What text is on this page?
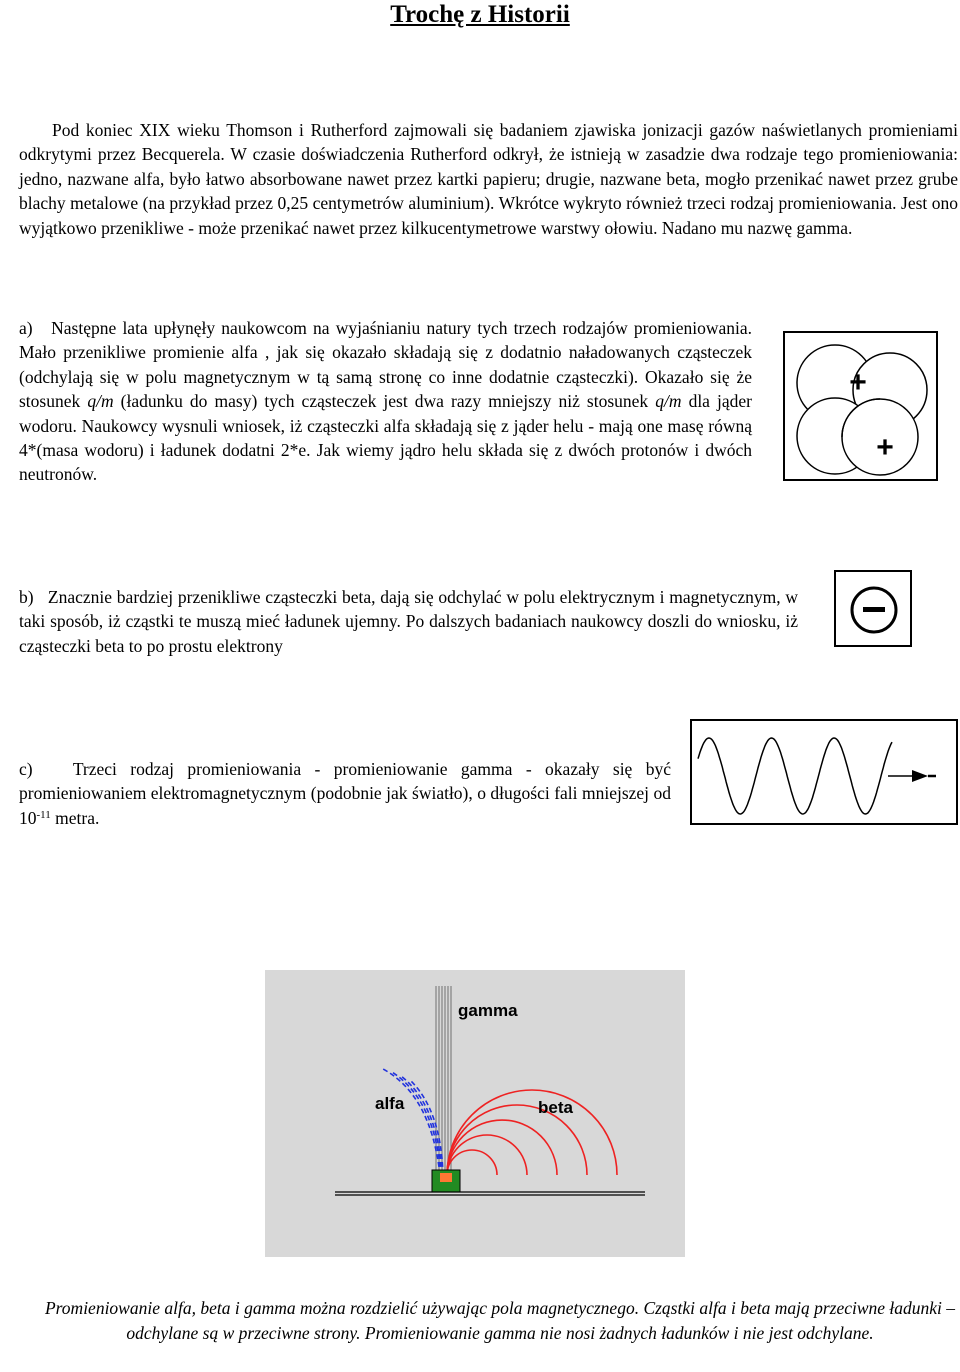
Trochę z Historii

Pod koniec XIX wieku Thomson i Rutherford zajmowali się badaniem zjawiska jonizacji gazów naświetlanych promieniami odkrytymi przez Becquerela. W czasie doświadczenia Rutherford odkrył, że istnieją w zasadzie dwa rodzaje tego promieniowania: jedno, nazwane alfa, było łatwo absorbowane nawet przez kartki papieru; drugie, nazwane beta, mogło przenikać nawet przez grube blachy metalowe (na przykład przez 0,25 centymetrów aluminium). Wkrótce wykryto również trzeci rodzaj promieniowania. Jest ono wyjątkowo przenikliwe - może przenikać nawet przez kilkucentymetrowe warstwy ołowiu. Nadano mu nazwę gamma.

a)   Następne lata upłynęły naukowcom na wyjaśnianiu natury tych trzech rodzajów promieniowania. Mało przenikliwe promienie alfa , jak się okazało składają się z dodatnio naładowanych cząsteczek (odchylają się w polu magnetycznym w tą samą stronę co inne dodatnie cząsteczki). Okazało się że stosunek q/m (ładunku do masy) tych cząsteczek jest dwa razy mniejszy niż stosunek q/m dla jąder wodoru. Naukowcy wysnuli wniosek, iż cząsteczki alfa składają się z jąder helu - mają one masę równą 4*(masa wodoru) i ładunek dodatni 2*e. Jak wiemy jądro helu składa się z dwóch protonów i dwóch neutronów.

+
+

b)   Znacznie bardziej przenikliwe cząsteczki beta, dają się odchylać w polu elektrycznym i magnetycznym, w taki sposób, iż cząstki te muszą mieć ładunek ujemny. Po dalszych badaniach naukowcy doszli do wniosku, iż cząsteczki beta to po prostu elektrony

c)   Trzeci rodzaj promieniowania - promieniowanie gamma - okazały się być promieniowaniem elektromagnetycznym (podobnie jak światło), o długości fali mniejszej od $10^{-11}$ metra.

gamma
alfa	beta
Promieniowanie alfa, beta i gamma można rozdzielić używając pola magnetycznego. Cząstki alfa i beta mają przeciwne ładunki – odchylane są w przeciwne strony. Promieniowanie gamma nie nosi żadnych ładunków i nie jest odchylane.
